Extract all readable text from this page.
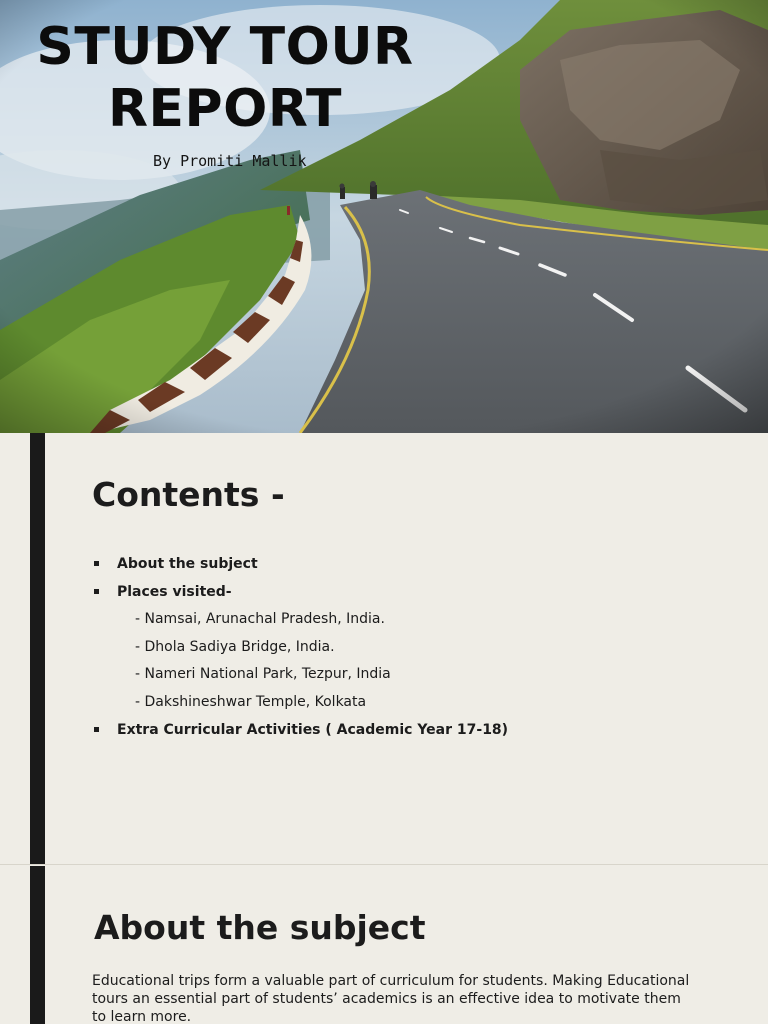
STUDY TOUR
REPORT
By Promiti Mallik
Contents -
About the subject
Places visited-
- Namsai, Arunachal Pradesh, India.
- Dhola Sadiya Bridge, India.
- Nameri National Park, Tezpur, India
- Dakshineshwar Temple, Kolkata
Extra Curricular Activities ( Academic Year 17-18)
About the subject
Educational trips form a valuable part of curriculum for students. Making Educational tours an essential part of students’ academics is an effective idea to motivate them to learn more.
